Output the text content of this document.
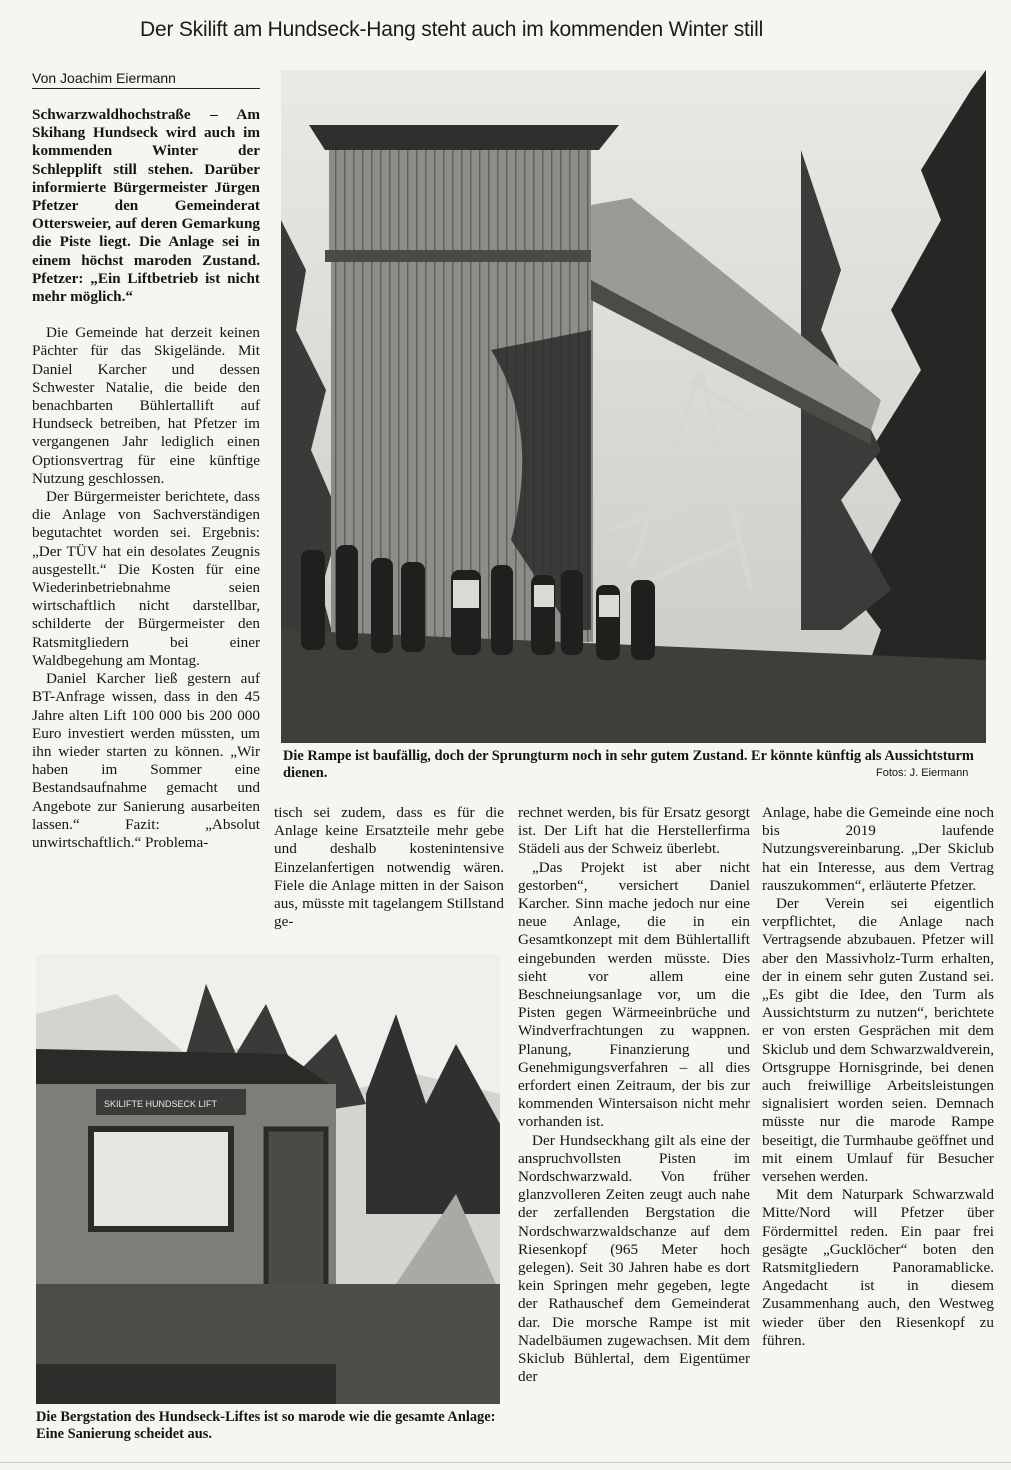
Der Skilift am Hundseck-Hang steht auch im kommenden Winter still
Von Joachim Eiermann

Schwarzwaldhochstraße – Am Skihang Hundseck wird auch im kommenden Winter der Schlepplift still stehen. Darüber informierte Bürgermeister Jürgen Pfetzer den Gemeinderat Ottersweier, auf deren Gemarkung die Piste liegt. Die Anlage sei in einem höchst maroden Zustand. Pfetzer: „Ein Liftbetrieb ist nicht mehr möglich.“

Die Gemeinde hat derzeit keinen Pächter für das Skigelände. Mit Daniel Karcher und dessen Schwester Natalie, die beide den benachbarten Bühlertallift auf Hundseck betreiben, hat Pfetzer im vergangenen Jahr lediglich einen Optionsvertrag für eine künftige Nutzung geschlossen.

Der Bürgermeister berichtete, dass die Anlage von Sachverständigen begutachtet worden sei. Ergebnis: „Der TÜV hat ein desolates Zeugnis ausgestellt.“ Die Kosten für eine Wiederinbetriebnahme seien wirtschaftlich nicht darstellbar, schilderte der Bürgermeister den Ratsmitgliedern bei einer Waldbegehung am Montag.

Daniel Karcher ließ gestern auf BT-Anfrage wissen, dass in den 45 Jahre alten Lift 100 000 bis 200 000 Euro investiert werden müssten, um ihn wieder starten zu können. „Wir haben im Sommer eine Bestandsaufnahme gemacht und Angebote zur Sanierung ausarbeiten lassen.“ Fazit: „Absolut unwirtschaftlich.“ Problema-

Die Rampe ist baufällig, doch der Sprungturm noch in sehr gutem Zustand. Er könnte künftig als Aussichtsturm dienen.	Fotos: J. Eiermann

tisch sei zudem, dass es für die Anlage keine Ersatzteile mehr gebe und deshalb kostenintensive Einzelanfertigen notwendig wären. Fiele die Anlage mitten in der Saison aus, müsste mit tagelangem Stillstand ge-

SKILIFTE HUNDSECK LIFT
Die Bergstation des Hundseck-Liftes ist so marode wie die gesamte Anlage: Eine Sanierung scheidet aus.

rechnet werden, bis für Ersatz gesorgt ist. Der Lift hat die Herstellerfirma Städeli aus der Schweiz überlebt.

„Das Projekt ist aber nicht gestorben“, versichert Daniel Karcher. Sinn mache jedoch nur eine neue Anlage, die in ein Gesamtkonzept mit dem Bühlertallift eingebunden werden müsste. Dies sieht vor allem eine Beschneiungsanlage vor, um die Pisten gegen Wärmeeinbrüche und Windverfrachtungen zu wappnen. Planung, Finanzierung und Genehmigungsverfahren – all dies erfordert einen Zeitraum, der bis zur kommenden Wintersaison nicht mehr vorhanden ist.

Der Hundseckhang gilt als eine der anspruchvollsten Pisten im Nordschwarzwald. Von früher glanzvolleren Zeiten zeugt auch nahe der zerfallenden Bergstation die Nordschwarzwaldschanze auf dem Riesenkopf (965 Meter hoch gelegen). Seit 30 Jahren habe es dort kein Springen mehr gegeben, legte der Rathauschef dem Gemeinderat dar. Die morsche Rampe ist mit Nadelbäumen zugewachsen. Mit dem Skiclub Bühlertal, dem Eigentümer der

Anlage, habe die Gemeinde eine noch bis 2019 laufende Nutzungsvereinbarung. „Der Skiclub hat ein Interesse, aus dem Vertrag rauszukommen“, erläuterte Pfetzer.

Der Verein sei eigentlich verpflichtet, die Anlage nach Vertragsende abzubauen. Pfetzer will aber den Massivholz-Turm erhalten, der in einem sehr guten Zustand sei. „Es gibt die Idee, den Turm als Aussichtsturm zu nutzen“, berichtete er von ersten Gesprächen mit dem Skiclub und dem Schwarzwaldverein, Ortsgruppe Hornisgrinde, bei denen auch freiwillige Arbeitsleistungen signalisiert worden seien. Demnach müsste nur die marode Rampe beseitigt, die Turmhaube geöffnet und mit einem Umlauf für Besucher versehen werden.

Mit dem Naturpark Schwarzwald Mitte/Nord will Pfetzer über Fördermittel reden. Ein paar frei gesägte „Gucklöcher“ boten den Ratsmitgliedern Panoramablicke. Angedacht ist in diesem Zusammenhang auch, den Westweg wieder über den Riesenkopf zu führen.
